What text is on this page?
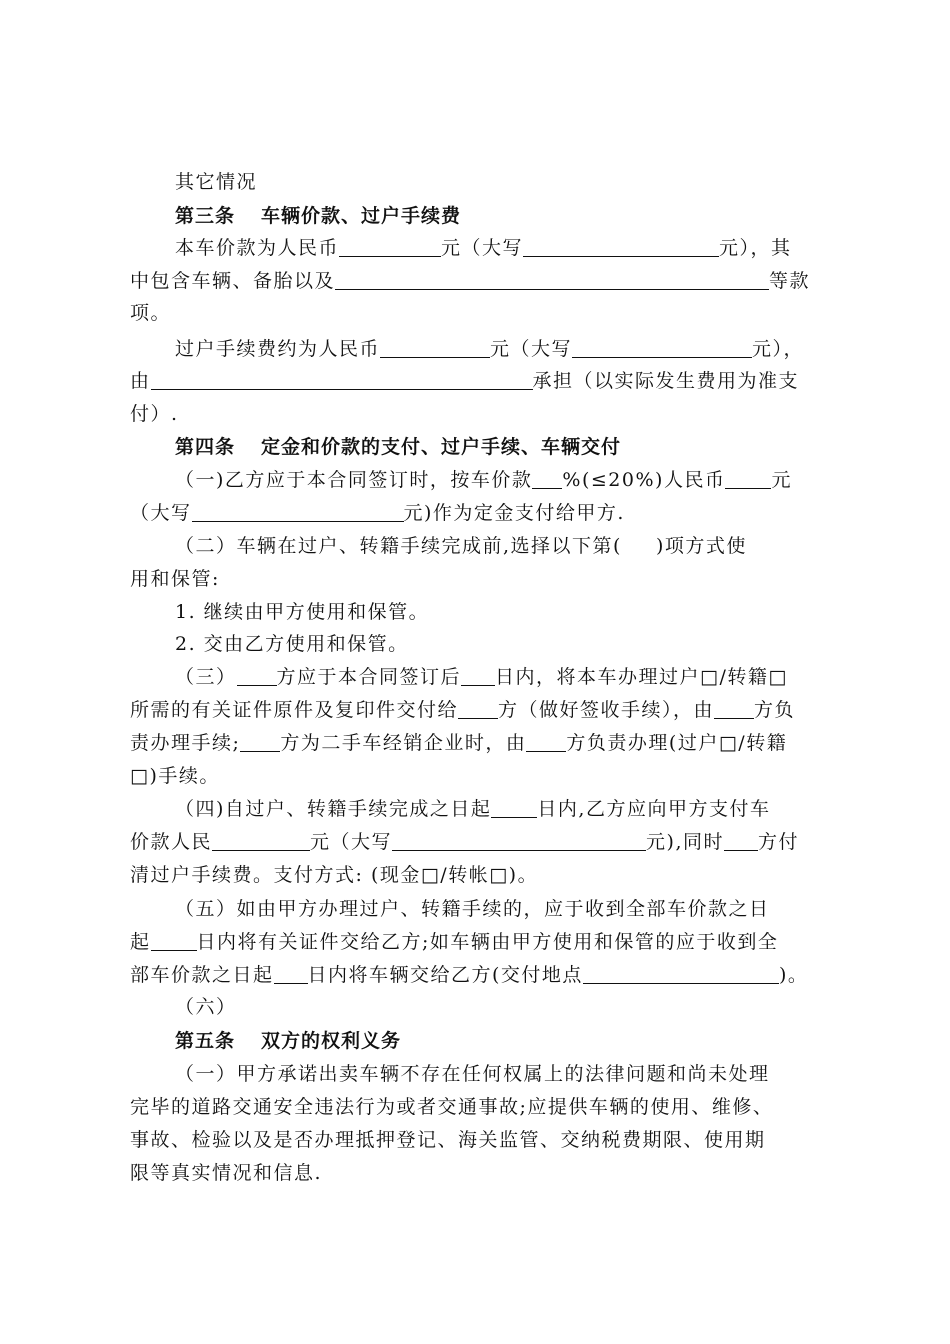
其它情况
第三条 车辆价款、过户手续费
本车价款为人民币	元（大写	元），其
中包含车辆、备胎以及	等款
项。
过户手续费约为人民币	元（大写	元），
由	承担（以实际发生费用为准支
付）.
第四条 定金和价款的支付、过户手续、车辆交付
（一)乙方应于本合同签订时，按车价款 %(≤20%)人民币 元
（大写	元)作为定金支付给甲方.
（二）车辆在过户、转籍手续完成前,选择以下第( )项方式使
用和保管:
1. 继续由甲方使用和保管。
2. 交由乙方使用和保管。
（三） 方应于本合同签订后 日内，将本车办理过户□/转籍□
所需的有关证件原件及复印件交付给 方（做好签收手续），由 方负
责办理手续; 方为二手车经销企业时，由 方负责办理(过户□/转籍
□)手续。
（四)自过户、转籍手续完成之日起 日内,乙方应向甲方支付车
价款人民	元（大写	元),同时 方付
清过户手续费。支付方式: (现金□/转帐□)。
（五）如由甲方办理过户、转籍手续的，应于收到全部车价款之日
起 日内将有关证件交给乙方;如车辆由甲方使用和保管的应于收到全
部车价款之日起 日内将车辆交给乙方(交付地点	)。
（六）
第五条 双方的权利义务
（一）甲方承诺出卖车辆不存在任何权属上的法律问题和尚未处理
完毕的道路交通安全违法行为或者交通事故;应提供车辆的使用、维修、
事故、检验以及是否办理抵押登记、海关监管、交纳税费期限、使用期
限等真实情况和信息.
